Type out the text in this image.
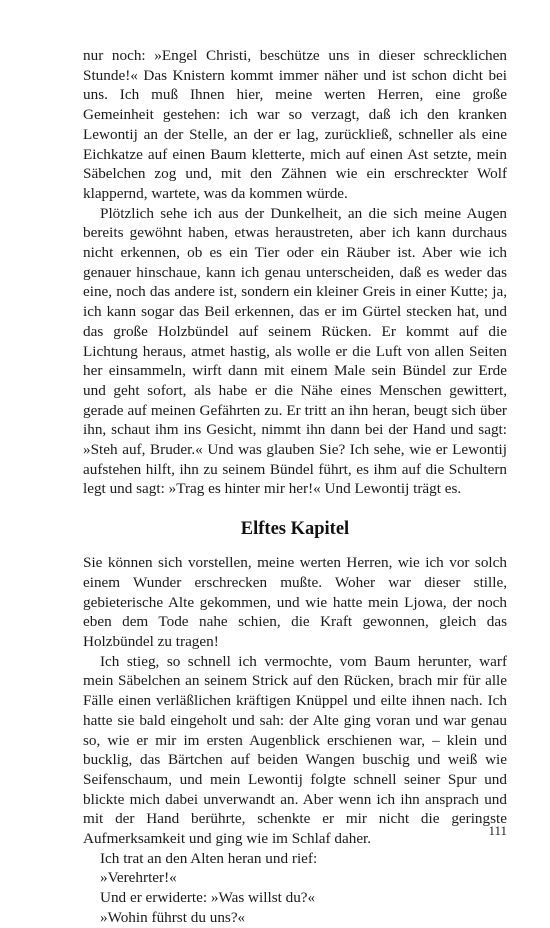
nur noch: »Engel Christi, beschütze uns in dieser schrecklichen Stunde!« Das Knistern kommt immer näher und ist schon dicht bei uns. Ich muß Ihnen hier, meine werten Herren, eine große Gemeinheit gestehen: ich war so verzagt, daß ich den kranken Lewontij an der Stelle, an der er lag, zurückließ, schneller als eine Eichkatze auf einen Baum kletterte, mich auf einen Ast setzte, mein Säbelchen zog und, mit den Zähnen wie ein erschreckter Wolf klappernd, wartete, was da kommen würde.

Plötzlich sehe ich aus der Dunkelheit, an die sich meine Augen bereits gewöhnt haben, etwas heraustreten, aber ich kann durchaus nicht erkennen, ob es ein Tier oder ein Räuber ist. Aber wie ich genauer hinschaue, kann ich genau unterscheiden, daß es weder das eine, noch das andere ist, sondern ein kleiner Greis in einer Kutte; ja, ich kann sogar das Beil erkennen, das er im Gürtel stecken hat, und das große Holzbündel auf seinem Rücken. Er kommt auf die Lichtung heraus, atmet hastig, als wolle er die Luft von allen Seiten her einsammeln, wirft dann mit einem Male sein Bündel zur Erde und geht sofort, als habe er die Nähe eines Menschen gewittert, gerade auf meinen Gefährten zu. Er tritt an ihn heran, beugt sich über ihn, schaut ihm ins Gesicht, nimmt ihn dann bei der Hand und sagt: »Steh auf, Bruder.« Und was glauben Sie? Ich sehe, wie er Lewontij aufstehen hilft, ihn zu seinem Bündel führt, es ihm auf die Schultern legt und sagt: »Trag es hinter mir her!« Und Lewontij trägt es.

Elftes Kapitel

Sie können sich vorstellen, meine werten Herren, wie ich vor solch einem Wunder erschrecken mußte. Woher war dieser stille, gebieterische Alte gekommen, und wie hatte mein Ljowa, der noch eben dem Tode nahe schien, die Kraft gewonnen, gleich das Holzbündel zu tragen!

Ich stieg, so schnell ich vermochte, vom Baum herunter, warf mein Säbelchen an seinem Strick auf den Rücken, brach mir für alle Fälle einen verläßlichen kräftigen Knüppel und eilte ihnen nach. Ich hatte sie bald eingeholt und sah: der Alte ging voran und war genau so, wie er mir im ersten Augenblick erschienen war, – klein und bucklig, das Bärtchen auf beiden Wangen buschig und weiß wie Seifenschaum, und mein Lewontij folgte schnell seiner Spur und blickte mich dabei unverwandt an. Aber wenn ich ihn ansprach und mit der Hand berührte, schenkte er mir nicht die geringste Aufmerksamkeit und ging wie im Schlaf daher.

Ich trat an den Alten heran und rief:

»Verehrter!«

Und er erwiderte: »Was willst du?«

»Wohin führst du uns?«

111
